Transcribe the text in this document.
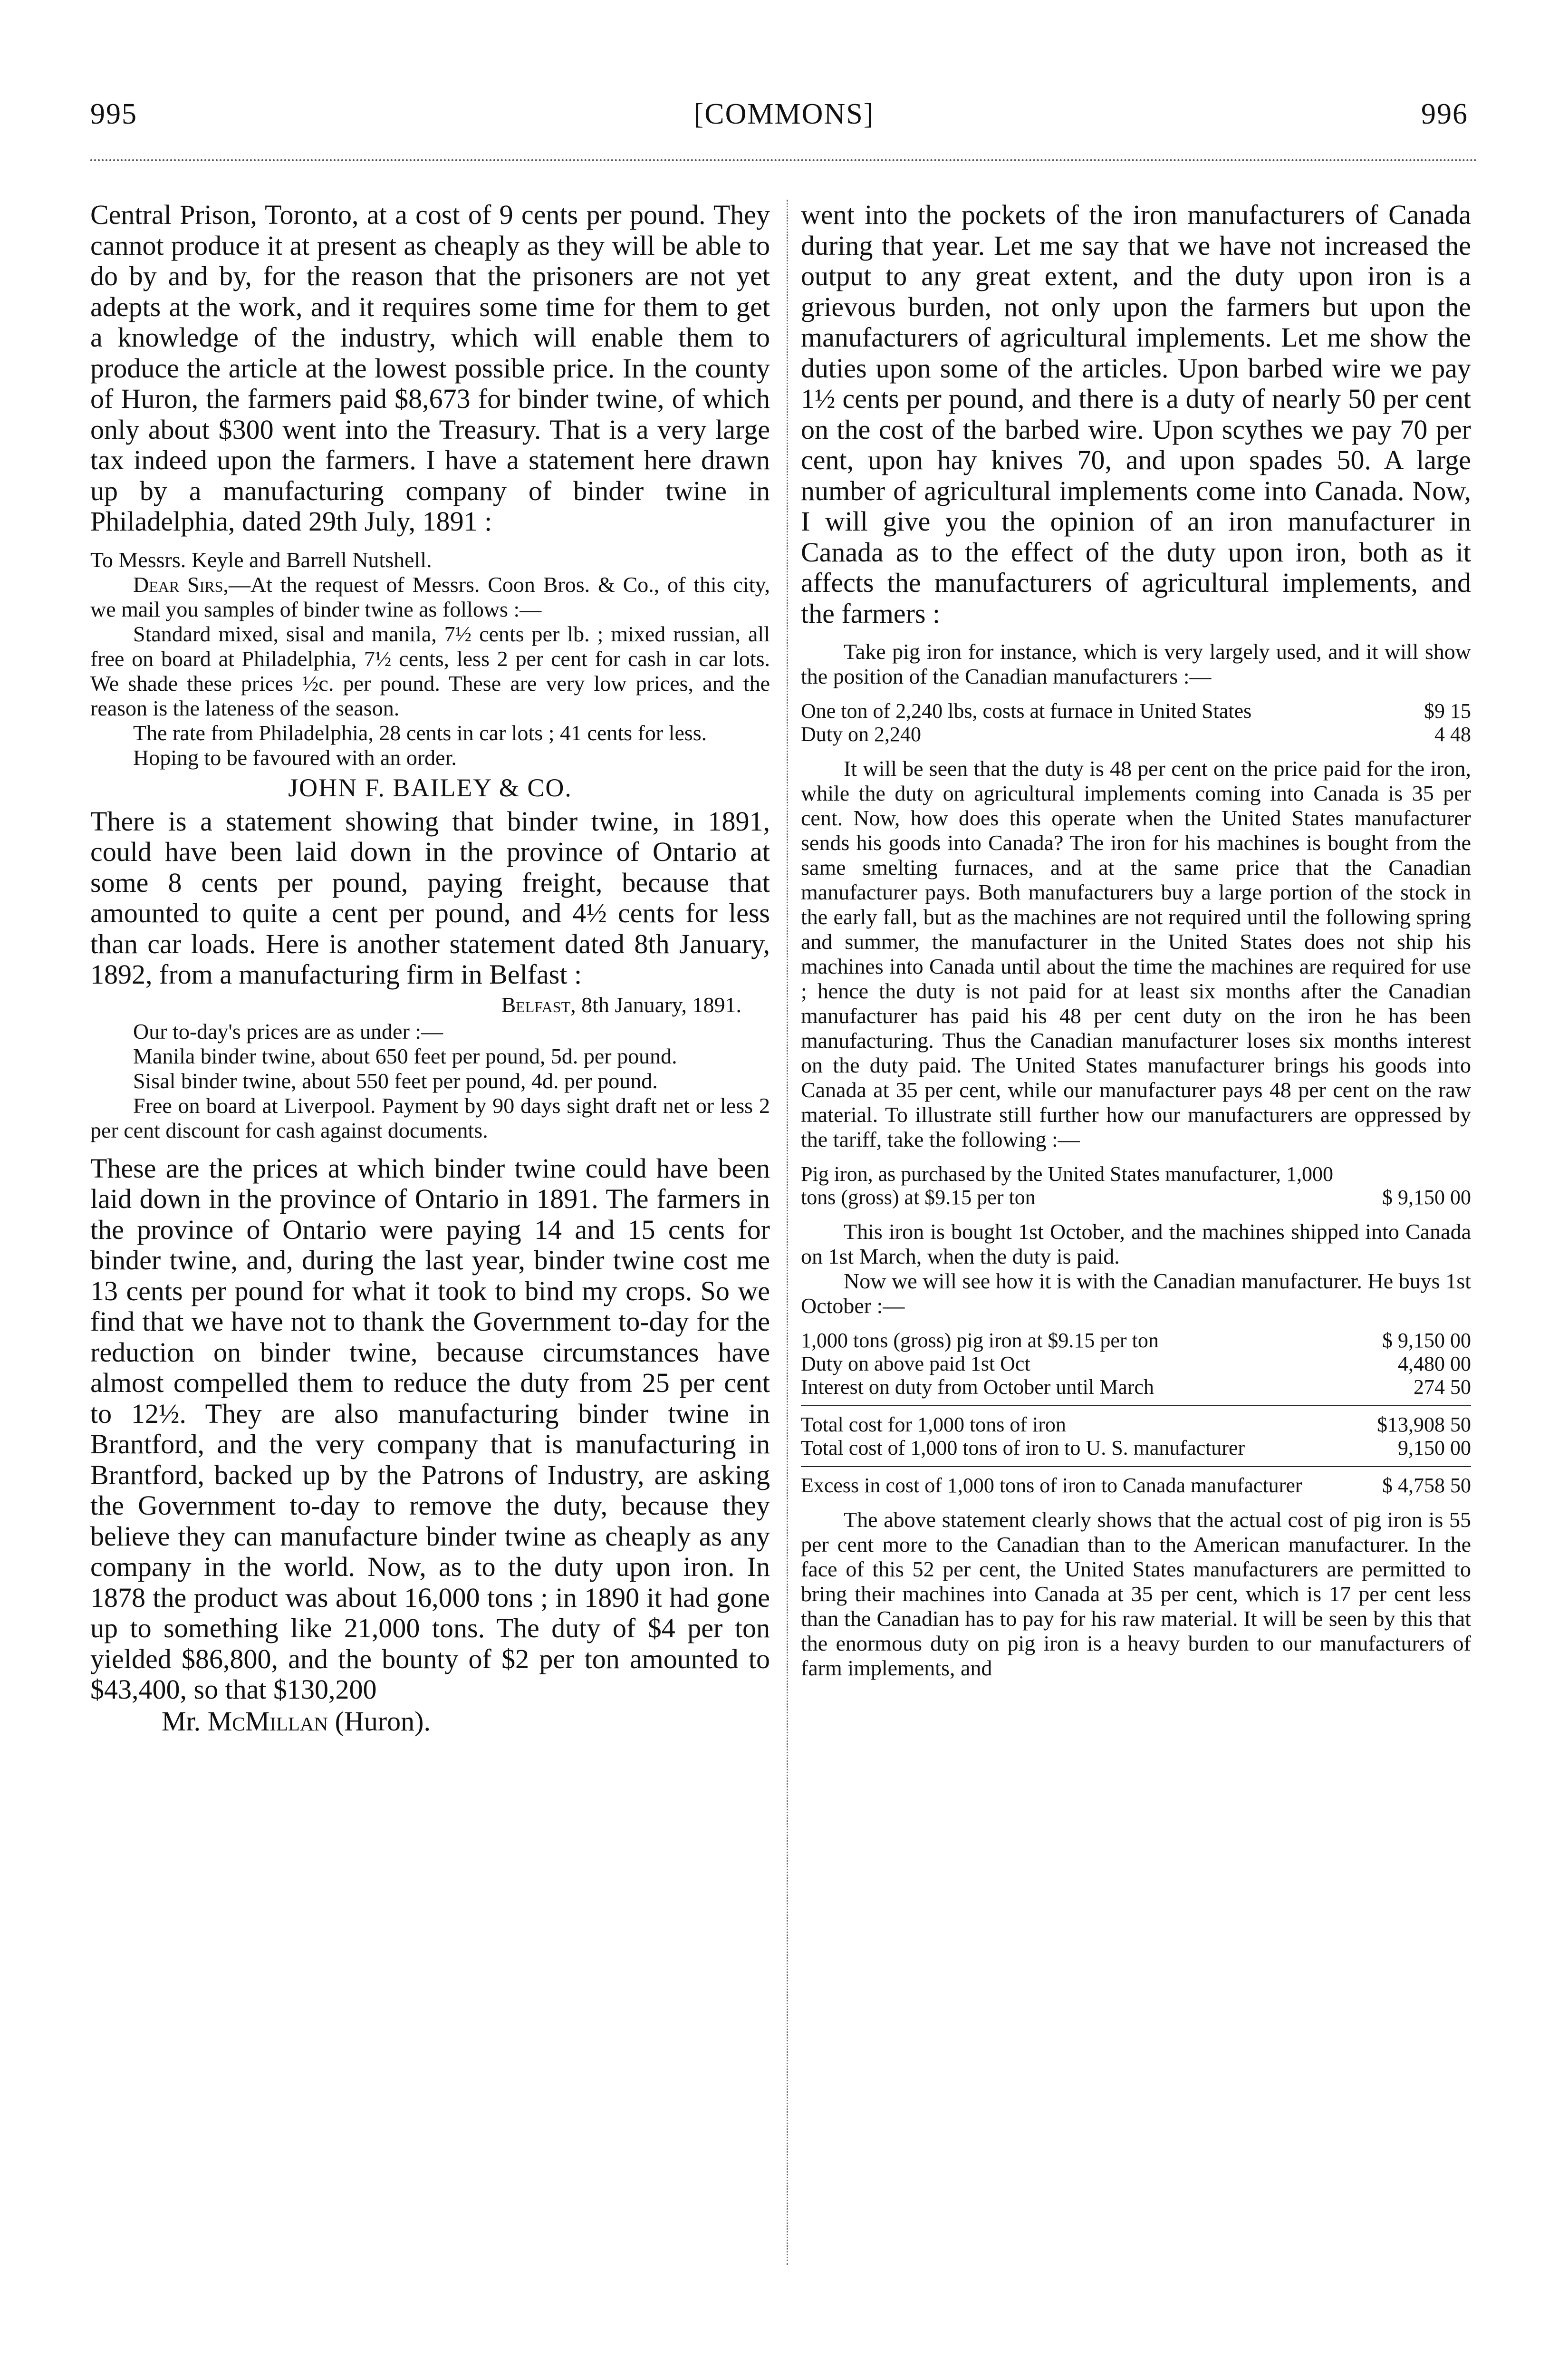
995	[COMMONS]	996

Central Prison, Toronto, at a cost of 9 cents per pound. They cannot produce it at present as cheaply as they will be able to do by and by, for the reason that the prisoners are not yet adepts at the work, and it requires some time for them to get a knowledge of the industry, which will enable them to produce the article at the lowest possible price. In the county of Huron, the farmers paid $8,673 for binder twine, of which only about $300 went into the Treasury. That is a very large tax indeed upon the farmers. I have a statement here drawn up by a manufacturing company of binder twine in Philadelphia, dated 29th July, 1891 :

To Messrs. Keyle and Barrell Nutshell.

Dear Sirs,—At the request of Messrs. Coon Bros. & Co., of this city, we mail you samples of binder twine as follows :—

Standard mixed, sisal and manila, 7½ cents per lb. ; mixed russian, all free on board at Philadelphia, 7½ cents, less 2 per cent for cash in car lots. We shade these prices ½c. per pound. These are very low prices, and the reason is the lateness of the season.

The rate from Philadelphia, 28 cents in car lots ; 41 cents for less.

Hoping to be favoured with an order.

JOHN F. BAILEY & CO.

There is a statement showing that binder twine, in 1891, could have been laid down in the province of Ontario at some 8 cents per pound, paying freight, because that amounted to quite a cent per pound, and 4½ cents for less than car loads. Here is another statement dated 8th January, 1892, from a manufacturing firm in Belfast :

Belfast, 8th January, 1891.

Our to-day's prices are as under :—

Manila binder twine, about 650 feet per pound, 5d. per pound.

Sisal binder twine, about 550 feet per pound, 4d. per pound.

Free on board at Liverpool. Payment by 90 days sight draft net or less 2 per cent discount for cash against documents.

These are the prices at which binder twine could have been laid down in the province of Ontario in 1891. The farmers in the province of Ontario were paying 14 and 15 cents for binder twine, and, during the last year, binder twine cost me 13 cents per pound for what it took to bind my crops. So we find that we have not to thank the Government to-day for the reduction on binder twine, because circumstances have almost compelled them to reduce the duty from 25 per cent to 12½. They are also manufacturing binder twine in Brantford, and the very company that is manufacturing in Brantford, backed up by the Patrons of Industry, are asking the Government to-day to remove the duty, because they believe they can manufacture binder twine as cheaply as any company in the world. Now, as to the duty upon iron. In 1878 the product was about 16,000 tons ; in 1890 it had gone up to something like 21,000 tons. The duty of $4 per ton yielded $86,800, and the bounty of $2 per ton amounted to $43,400, so that $130,200

Mr. McMillan (Huron).

went into the pockets of the iron manufacturers of Canada during that year. Let me say that we have not increased the output to any great extent, and the duty upon iron is a grievous burden, not only upon the farmers but upon the manufacturers of agricultural implements. Let me show the duties upon some of the articles. Upon barbed wire we pay 1½ cents per pound, and there is a duty of nearly 50 per cent on the cost of the barbed wire. Upon scythes we pay 70 per cent, upon hay knives 70, and upon spades 50. A large number of agricultural implements come into Canada. Now, I will give you the opinion of an iron manufacturer in Canada as to the effect of the duty upon iron, both as it affects the manufacturers of agricultural implements, and the farmers :

Take pig iron for instance, which is very largely used, and it will show the position of the Canadian manufacturers :—

One ton of 2,240 lbs, costs at furnace in United States	$9 15
Duty on 2,240	4 48

It will be seen that the duty is 48 per cent on the price paid for the iron, while the duty on agricultural implements coming into Canada is 35 per cent. Now, how does this operate when the United States manufacturer sends his goods into Canada? The iron for his machines is bought from the same smelting furnaces, and at the same price that the Canadian manufacturer pays. Both manufacturers buy a large portion of the stock in the early fall, but as the machines are not required until the following spring and summer, the manufacturer in the United States does not ship his machines into Canada until about the time the machines are required for use ; hence the duty is not paid for at least six months after the Canadian manufacturer has paid his 48 per cent duty on the iron he has been manufacturing. Thus the Canadian manufacturer loses six months interest on the duty paid. The United States manufacturer brings his goods into Canada at 35 per cent, while our manufacturer pays 48 per cent on the raw material. To illustrate still further how our manufacturers are oppressed by the tariff, take the following :—

Pig iron, as purchased by the United States manufacturer, 1,000 tons (gross) at $9.15 per ton	$ 9,150 00

This iron is bought 1st October, and the machines shipped into Canada on 1st March, when the duty is paid.

Now we will see how it is with the Canadian manufacturer. He buys 1st October :—

1,000 tons (gross) pig iron at $9.15 per ton	$ 9,150 00
Duty on above paid 1st Oct	4,480 00
Interest on duty from October until March	274 50

Total cost for 1,000 tons of iron	$13,908 50
Total cost of 1,000 tons of iron to U. S. manufacturer	9,150 00

Excess in cost of 1,000 tons of iron to Canada manufacturer	$ 4,758 50

The above statement clearly shows that the actual cost of pig iron is 55 per cent more to the Canadian than to the American manufacturer. In the face of this 52 per cent, the United States manufacturers are permitted to bring their machines into Canada at 35 per cent, which is 17 per cent less than the Canadian has to pay for his raw material. It will be seen by this that the enormous duty on pig iron is a heavy burden to our manufacturers of farm implements, and
